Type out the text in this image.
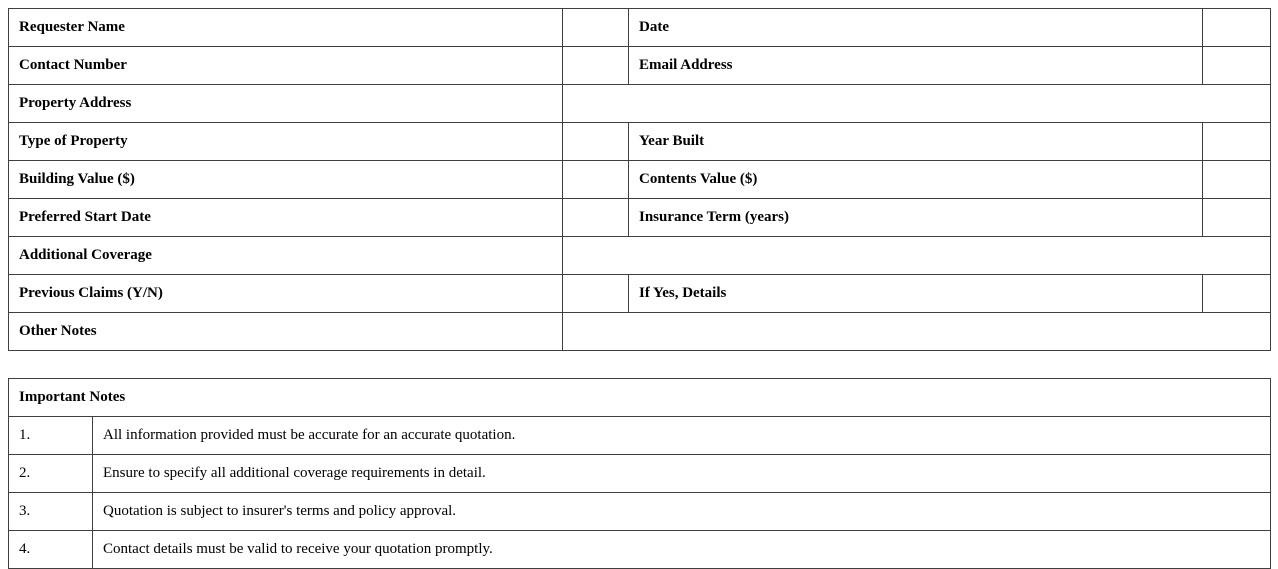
Requester Name		Date	
Contact Number		Email Address	
Property Address			
Type of Property		Year Built	
Building Value ($)		Contents Value ($)	
Preferred Start Date		Insurance Term (years)	
Additional Coverage			
Previous Claims (Y/N)		If Yes, Details	
Other Notes			
Important Notes	
1.	All information provided must be accurate for an accurate quotation.
2.	Ensure to specify all additional coverage requirements in detail.
3.	Quotation is subject to insurer's terms and policy approval.
4.	Contact details must be valid to receive your quotation promptly.
